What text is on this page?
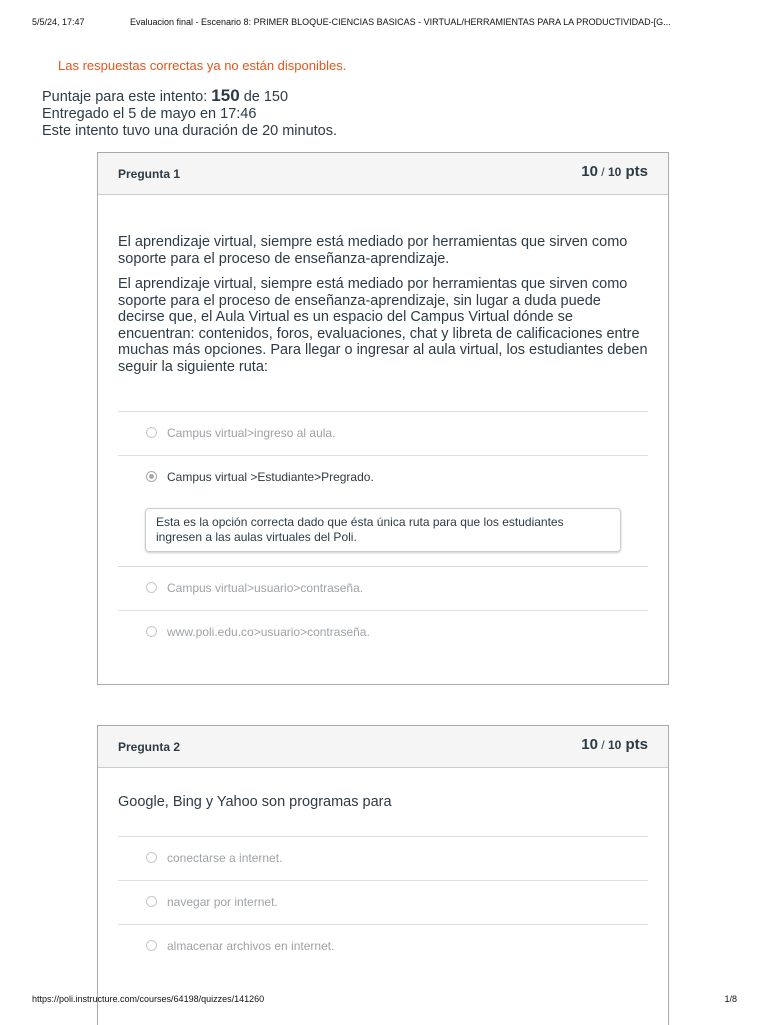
5/5/24, 17:47	Evaluacion final - Escenario 8: PRIMER BLOQUE-CIENCIAS BASICAS - VIRTUAL/HERRAMIENTAS PARA LA PRODUCTIVIDAD-[G...
Las respuestas correctas ya no están disponibles.
Puntaje para este intento: 150 de 150
Entregado el 5 de mayo en 17:46
Este intento tuvo una duración de 20 minutos.
Pregunta 1	10 / 10 pts
El aprendizaje virtual, siempre está mediado por herramientas que sirven como soporte para el proceso de enseñanza-aprendizaje.
El aprendizaje virtual, siempre está mediado por herramientas que sirven como soporte para el proceso de enseñanza-aprendizaje, sin lugar a duda puede decirse que, el Aula Virtual es un espacio del Campus Virtual dónde se encuentran: contenidos, foros, evaluaciones, chat y libreta de calificaciones entre muchas más opciones. Para llegar o ingresar al aula virtual, los estudiantes deben seguir la siguiente ruta:
Campus virtual>ingreso al aula.
Campus virtual >Estudiante>Pregrado.
Esta es la opción correcta dado que ésta única ruta para que los estudiantes ingresen a las aulas virtuales del Poli.
Campus virtual>usuario>contraseña.
www.poli.edu.co>usuario>contraseña.
Pregunta 2	10 / 10 pts
Google, Bing y Yahoo son programas para
conectarse a internet.
navegar por internet.
almacenar archivos en internet.
https://poli.instructure.com/courses/64198/quizzes/141260	1/8
